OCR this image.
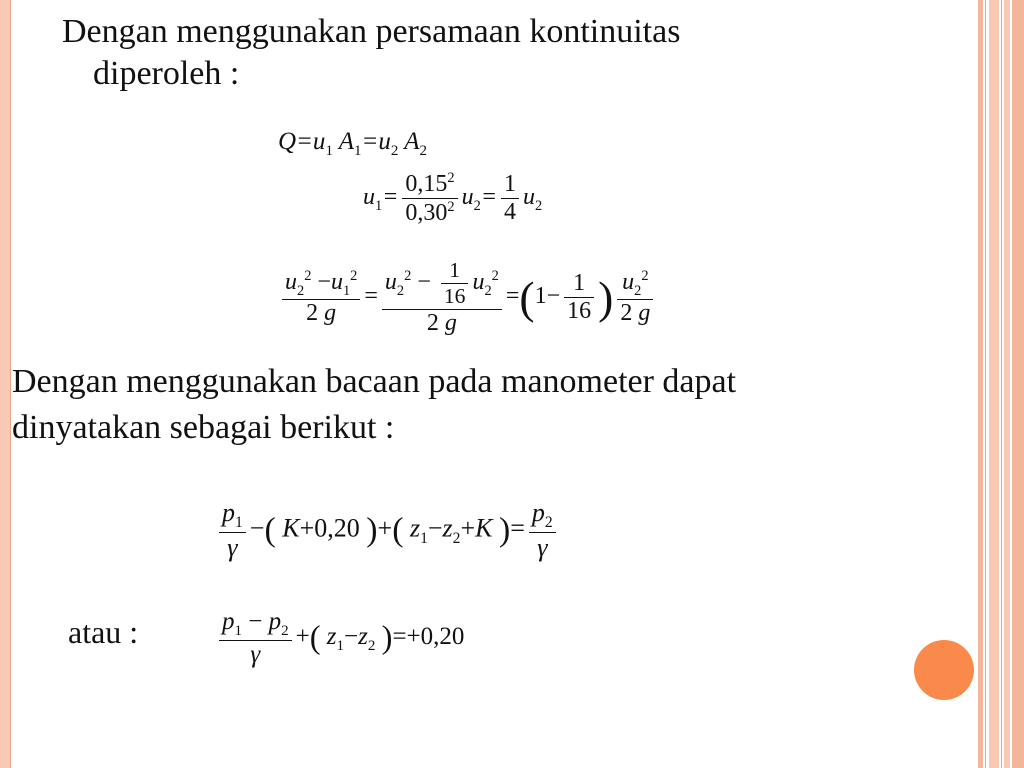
Dengan menggunakan persamaan kontinuitas
diperoleh :
$Q=u_1$ $A_1=u_2$ $A_2$
$u_1= \frac{0,15^2}{0,30^2} u_2= \frac{1}{4} u_2$
$\frac{u_2^2 -u_1^2}{2 g} = \frac{u_2^2 - \frac{1}{16} u_2^2}{2 g} =(1- \frac{1}{16}$ ) $\frac{u_2^2}{2 g}$
Dengan menggunakan bacaan pada manometer dapat
dinyatakan sebagai berikut :
$\frac{p_1}{\gamma}$ −( K+0,20 )+( $z_1-z_2+K$ )= $\frac{p_2}{\gamma}$
atau :	$\frac{p_1 - p_2}{\gamma}$ +( $z_1-z_2$ )=+0,20
